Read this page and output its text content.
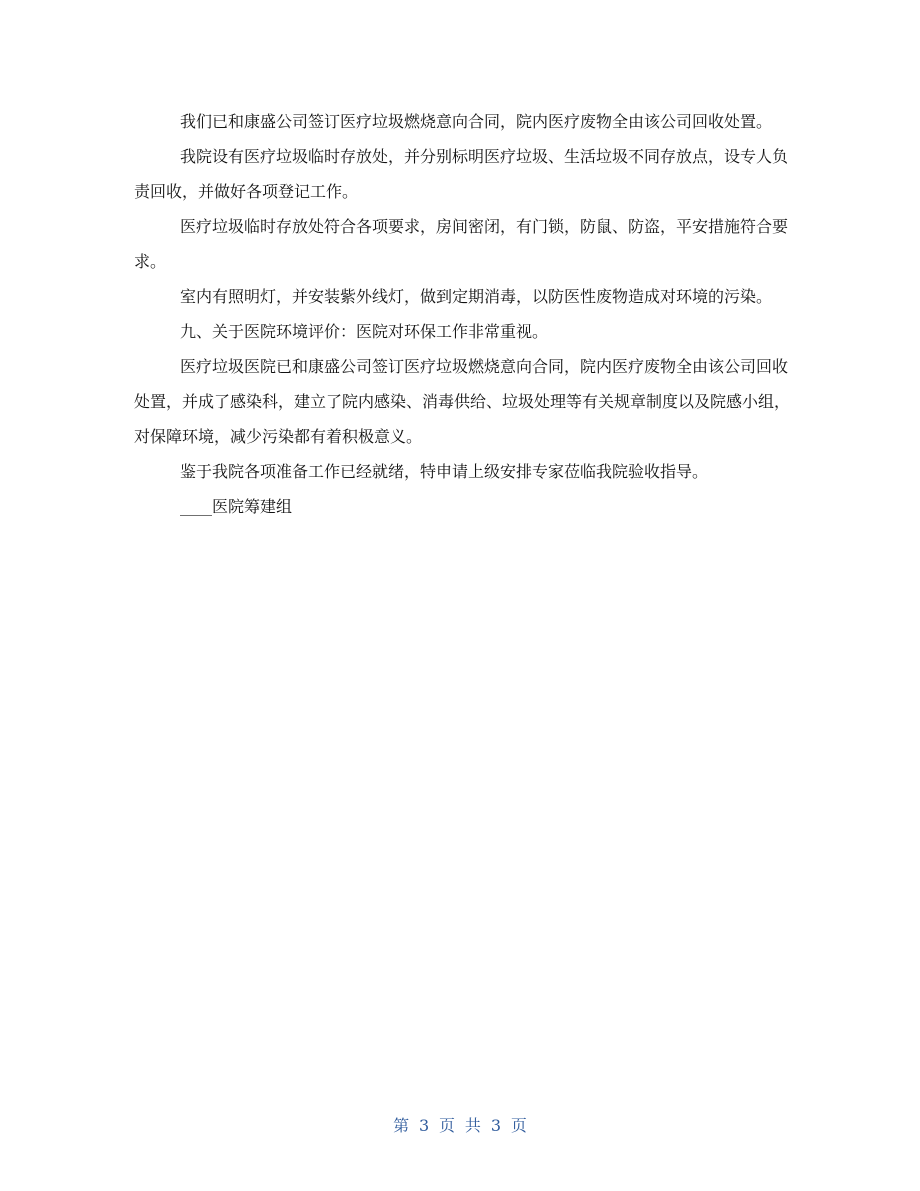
我们已和康盛公司签订医疗垃圾燃烧意向合同，院内医疗废物全由该公司回收处置。

我院设有医疗垃圾临时存放处，并分别标明医疗垃圾、生活垃圾不同存放点，设专人负责回收，并做好各项登记工作。

医疗垃圾临时存放处符合各项要求，房间密闭，有门锁，防鼠、防盗，平安措施符合要求。

室内有照明灯，并安装紫外线灯，做到定期消毒，以防医性废物造成对环境的污染。

九、关于医院环境评价：医院对环保工作非常重视。

医疗垃圾医院已和康盛公司签订医疗垃圾燃烧意向合同，院内医疗废物全由该公司回收处置，并成了感染科，建立了院内感染、消毒供给、垃圾处理等有关规章制度以及院感小组，对保障环境，减少污染都有着积极意义。

鉴于我院各项准备工作已经就绪，特申请上级安排专家莅临我院验收指导。

____医院筹建组

第 3 页 共 3 页
